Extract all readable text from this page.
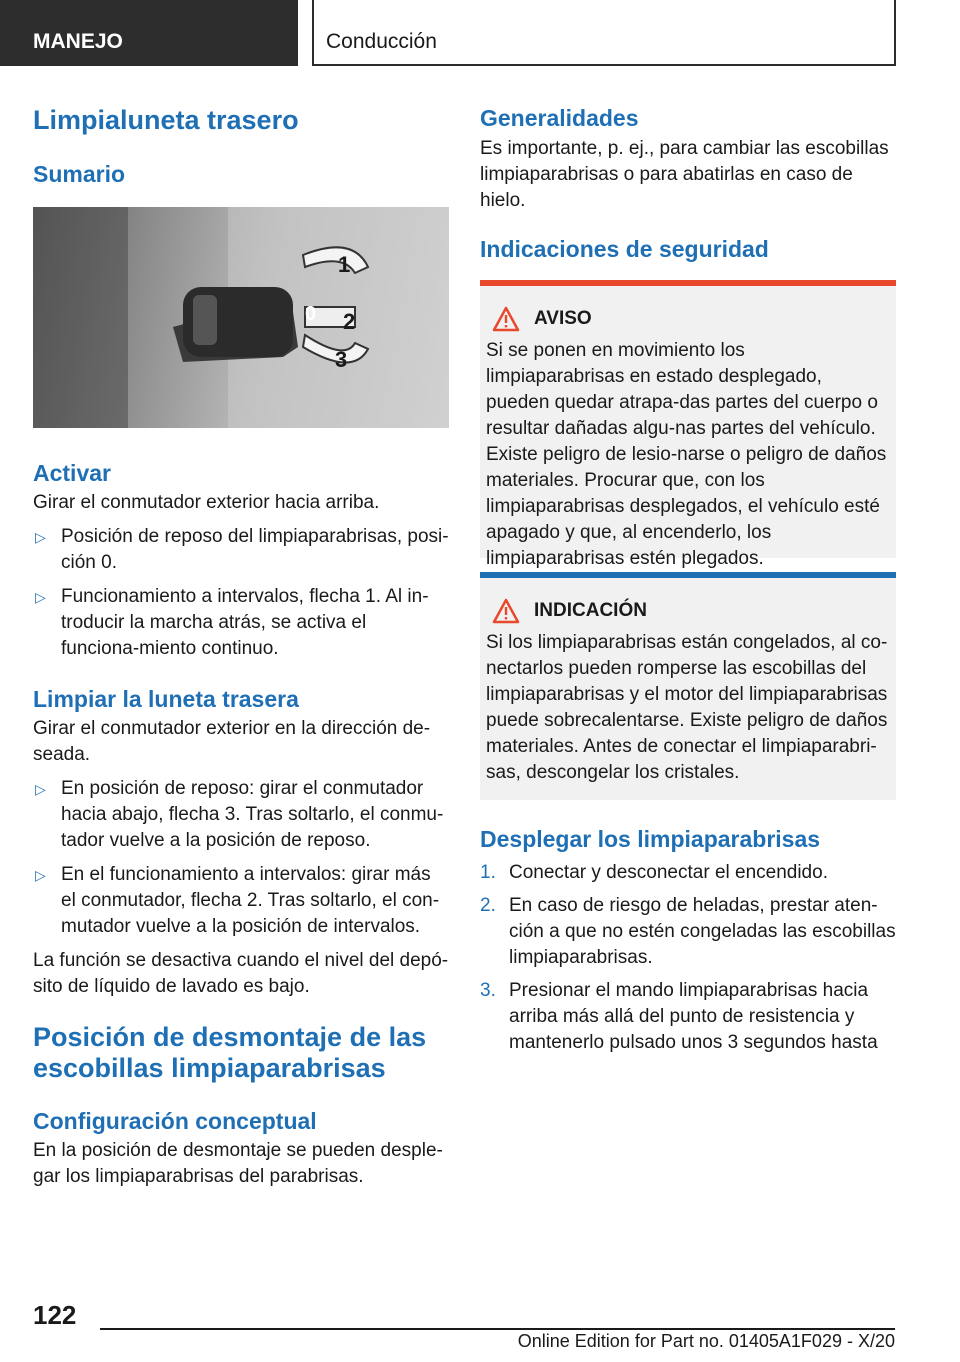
MANEJO	Conducción
Limpialuneta trasero
Sumario
1
0 2
3
Activar

Girar el conmutador exterior hacia arriba.

▷ Posición de reposo del limpiaparabrisas, posi-ción 0.
▷ Funcionamiento a intervalos, flecha 1. Al in-troducir la marcha atrás, se activa el funciona-miento continuo.
Limpiar la luneta trasera

Girar el conmutador exterior en la dirección de-seada.

▷ En posición de reposo: girar el conmutador hacia abajo, flecha 3. Tras soltarlo, el conmu-tador vuelve a la posición de reposo.
▷ En el funcionamiento a intervalos: girar más el conmutador, flecha 2. Tras soltarlo, el con-mutador vuelve a la posición de intervalos.

La función se desactiva cuando el nivel del depó-sito de líquido de lavado es bajo.

Posición de desmontaje de las escobillas limpiaparabrisas
Configuración conceptual

En la posición de desmontaje se pueden desple-gar los limpiaparabrisas del parabrisas.

Generalidades

Es importante, p. ej., para cambiar las escobillas limpiaparabrisas o para abatirlas en caso de hielo.

Indicaciones de seguridad
AVISO

Si se ponen en movimiento los limpiaparabrisas en estado desplegado, pueden quedar atrapa-das partes del cuerpo o resultar dañadas algu-nas partes del vehículo. Existe peligro de lesio-narse o peligro de daños materiales. Procurar que, con los limpiaparabrisas desplegados, el vehículo esté apagado y que, al encenderlo, los limpiaparabrisas estén plegados.

INDICACIÓN

Si los limpiaparabrisas están congelados, al co-nectarlos pueden romperse las escobillas del limpiaparabrisas y el motor del limpiaparabrisas puede sobrecalentarse. Existe peligro de daños materiales. Antes de conectar el limpiaparabri-sas, descongelar los cristales.

Desplegar los limpiaparabrisas
1. Conectar y desconectar el encendido.
2. En caso de riesgo de heladas, prestar aten-ción a que no estén congeladas las escobillas limpiaparabrisas.
3. Presionar el mando limpiaparabrisas hacia arriba más allá del punto de resistencia y mantenerlo pulsado unos 3 segundos hasta
122
Online Edition for Part no. 01405A1F029 - X/20
